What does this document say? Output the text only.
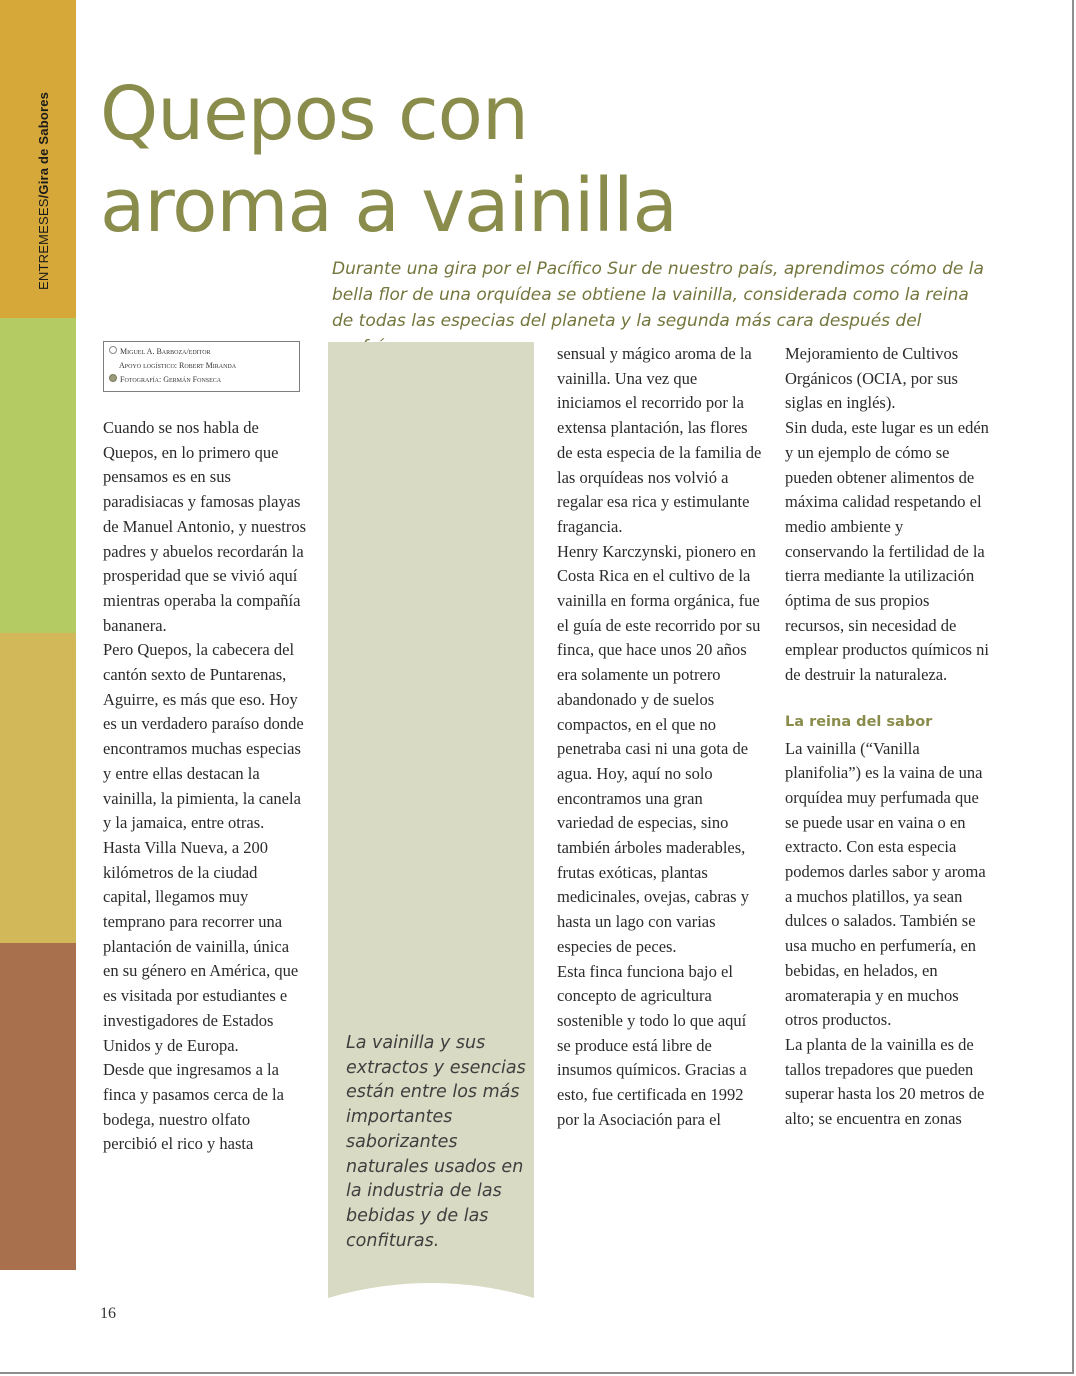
ENTREMESES/Gira de Sabores Quepos con
aroma a vainilla

Durante una gira por el Pacífico Sur de nuestro país, aprendimos cómo de la bella flor de una orquídea se obtiene la vainilla, considerada como la reina de todas las especias del planeta y la segunda más cara después del

Miguel A. Barboza/editor
Apoyo logístico: Robert Miranda
Fotografía: Germán Fonseca

Cuando se nos habla de Quepos, en lo primero que pensamos es en sus paradisiacas y famosas playas de Manuel Antonio, y nuestros padres y abuelos recordarán la prosperidad que se vivió aquí mientras operaba la compañía bananera.

Pero Quepos, la cabecera del cantón sexto de Puntarenas, Aguirre, es más que eso. Hoy es un verdadero paraíso donde encontramos muchas especias y entre ellas destacan la vainilla, la pimienta, la canela y la jamaica, entre otras.

Hasta Villa Nueva, a 200 kilómetros de la ciudad capital, llegamos muy temprano para recorrer una plantación de vainilla, única en su género en América, que es visitada por estudiantes e investigadores de Estados Unidos y de Europa.

Desde que ingresamos a la finca y pasamos cerca de la bodega, nuestro olfato percibió el rico y hasta

La vainilla y sus extractos y esencias están entre los más importantes saborizantes naturales usados en la industria de las bebidas y de las confituras.

sensual y mágico aroma de la vainilla. Una vez que iniciamos el recorrido por la extensa plantación, las flores de esta especia de la familia de las orquídeas nos volvió a regalar esa rica y estimulante fragancia.

Henry Karczynski, pionero en Costa Rica en el cultivo de la vainilla en forma orgánica, fue el guía de este recorrido por su finca, que hace unos 20 años era solamente un potrero abandonado y de suelos compactos, en el que no penetraba casi ni una gota de agua. Hoy, aquí no solo encontramos una gran variedad de especias, sino también árboles maderables, frutas exóticas, plantas medicinales, ovejas, cabras y hasta un lago con varias especies de peces.

Esta finca funciona bajo el concepto de agricultura sostenible y todo lo que aquí se produce está libre de insumos químicos. Gracias a esto, fue certificada en 1992 por la Asociación para el

Mejoramiento de Cultivos Orgánicos (OCIA, por sus siglas en inglés).

Sin duda, este lugar es un edén y un ejemplo de cómo se pueden obtener alimentos de máxima calidad respetando el medio ambiente y conservando la fertilidad de la tierra mediante la utilización óptima de sus propios recursos, sin necesidad de emplear productos químicos ni de destruir la naturaleza.

La reina del sabor

La vainilla (“Vanilla planifolia”) es la vaina de una orquídea muy perfumada que se puede usar en vaina o en extracto. Con esta especia podemos darles sabor y aroma a muchos platillos, ya sean dulces o salados. También se usa mucho en perfumería, en bebidas, en helados, en aromaterapia y en muchos otros productos.

La planta de la vainilla es de tallos trepadores que pueden superar hasta los 20 metros de alto; se encuentra en zonas

16
